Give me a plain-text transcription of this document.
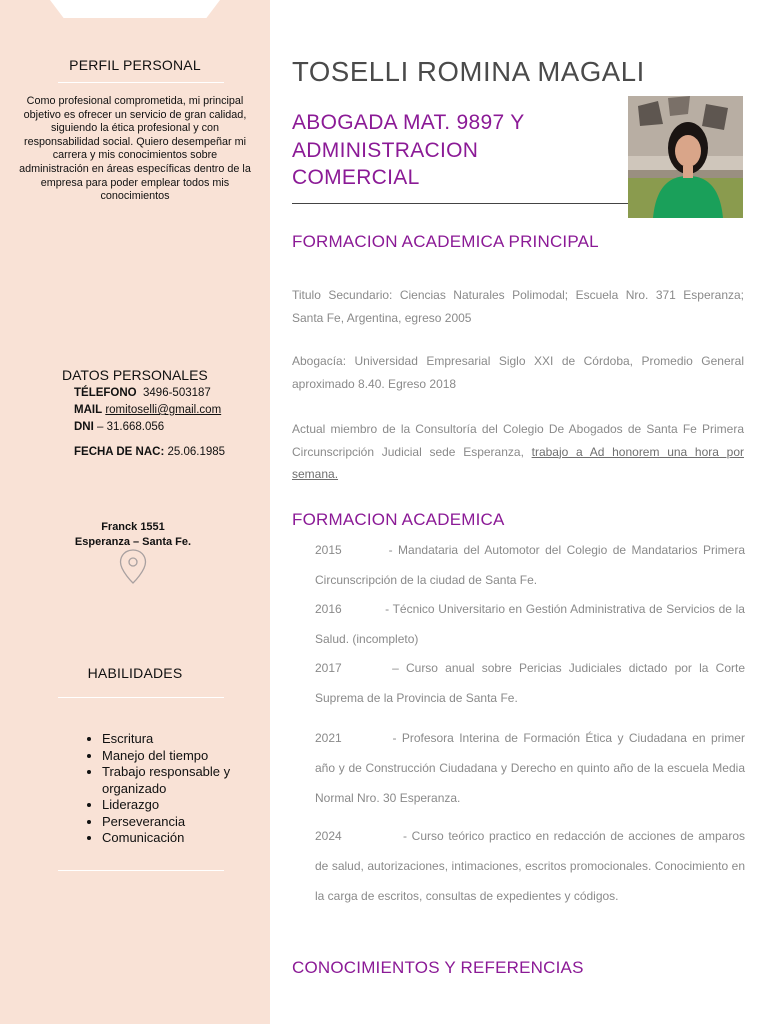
PERFIL PERSONAL
Como profesional comprometida, mi principal objetivo es ofrecer un servicio de gran calidad, siguiendo la ética profesional y con responsabilidad social. Quiero desempeñar mi carrera y mis conocimientos sobre administración en áreas específicas dentro de la empresa para poder emplear todos mis conocimientos
DATOS PERSONALES
TÉLEFONO 3496-503187
MAIL romitoselli@gmail.com
DNI – 31.668.056
FECHA DE NAC: 25.06.1985
Franck 1551
Esperanza – Santa Fe.
HABILIDADES
• Escritura
• Manejo del tiempo
• Trabajo responsable y organizado
• Liderazgo
• Perseverancia
• Comunicación
TOSELLI ROMINA MAGALI
ABOGADA MAT. 9897 Y
ADMINISTRACION
COMERCIAL
FORMACION ACADEMICA PRINCIPAL
Titulo Secundario: Ciencias Naturales Polimodal; Escuela Nro. 371 Esperanza; Santa Fe, Argentina, egreso 2005
Abogacía: Universidad Empresarial Siglo XXI de Córdoba, Promedio General aproximado 8.40. Egreso 2018
Actual miembro de la Consultoría del Colegio De Abogados de Santa Fe Primera Circunscripción Judicial sede Esperanza, trabajo a Ad honorem una hora por semana.
FORMACION ACADEMICA
2015	- Mandataria del Automotor del Colegio de Mandatarios Primera Circunscripción de la ciudad de Santa Fe.
2016	- Técnico Universitario en Gestión Administrativa de Servicios de la Salud. (incompleto)
2017	– Curso anual sobre Pericias Judiciales dictado por la Corte Suprema de la Provincia de Santa Fe.
2021	- Profesora Interina de Formación Ética y Ciudadana en primer año y de Construcción Ciudadana y Derecho en quinto año de la escuela Media Normal Nro. 30 Esperanza.
2024	- Curso teórico practico en redacción de acciones de amparos de salud, autorizaciones, intimaciones, escritos promocionales. Conocimiento en la carga de escritos, consultas de expedientes y códigos.
CONOCIMIENTOS Y REFERENCIAS
